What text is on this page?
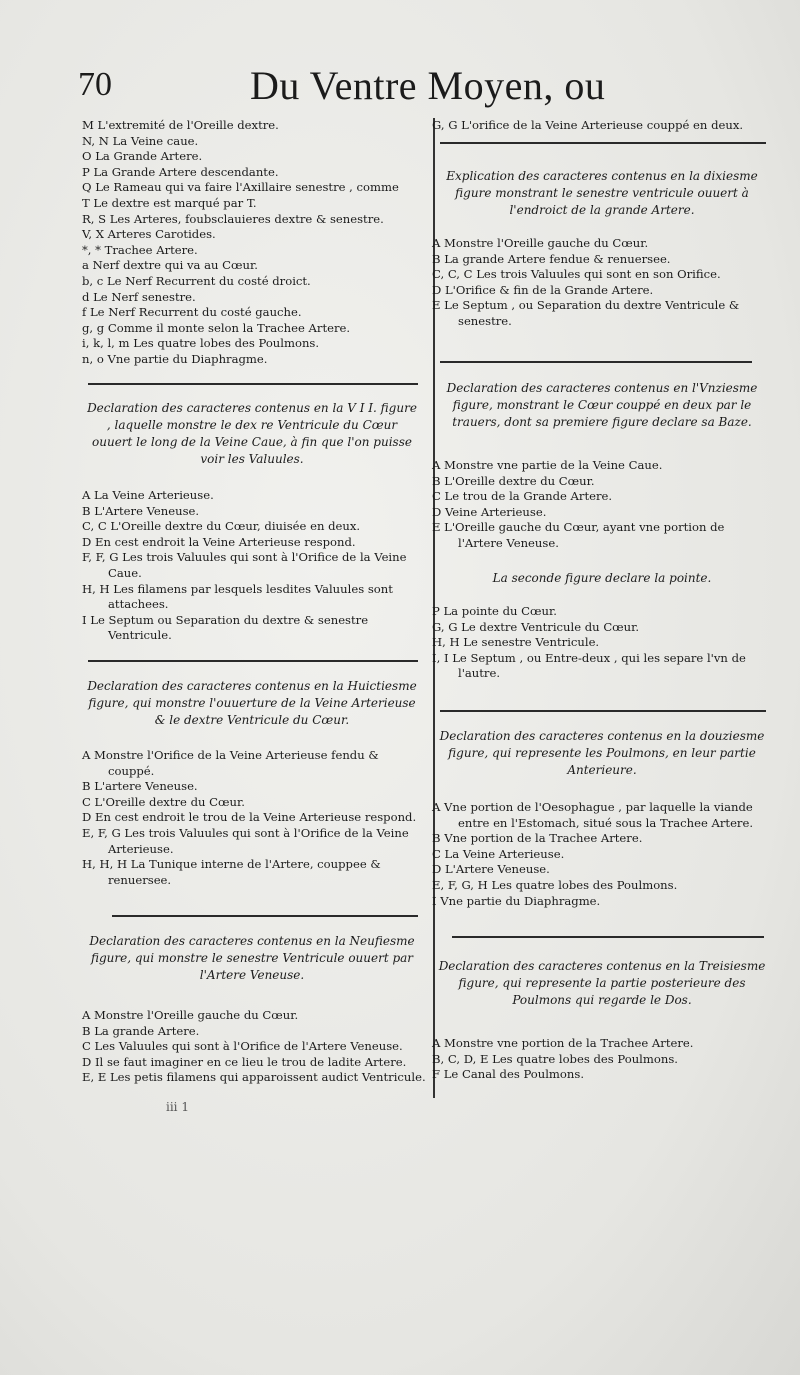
70	Du Ventre Moyen, ou
M L'extremité de l'Oreille dextre.
N, N La Veine caue.
O La Grande Artere.
P La Grande Artere descendante.
Q Le Rameau qui va faire l'Axillaire senestre , comme
T Le dextre est marqué par T.
R, S Les Arteres, foubsclauieres dextre & senestre.
V, X Arteres Carotides.
*, * Trachee Artere.
a Nerf dextre qui va au Cœur.
b, c Le Nerf Recurrent du costé droict.
d Le Nerf senestre.
f Le Nerf Recurrent du costé gauche.
g, g Comme il monte selon la Trachee Artere.
i, k, l, m Les quatre lobes des Poulmons.
n, o Vne partie du Diaphragme.
Declaration des caracteres contenus en la V I I. figure , laquelle monstre le dex re Ventricule du Cœur ouuert le long de la Veine Caue, à fin que l'on puisse voir les Valuules.
A La Veine Arterieuse.
B L'Artere Veneuse.
C, C L'Oreille dextre du Cœur, diuisée en deux.
D En cest endroit la Veine Arterieuse respond.
F, F, G Les trois Valuules qui sont à l'Orifice de la Veine Caue.
H, H Les filamens par lesquels lesdites Valuules sont attachees.
I Le Septum ou Separation du dextre & senestre Ventricule.
Declaration des caracteres contenus en la Huictiesme figure, qui monstre l'ouuerture de la Veine Arterieuse & le dextre Ventricule du Cœur.
A Monstre l'Orifice de la Veine Arterieuse fendu & couppé.
B L'artere Veneuse.
C L'Oreille dextre du Cœur.
D En cest endroit le trou de la Veine Arterieuse respond.
E, F, G Les trois Valuules qui sont à l'Orifice de la Veine Arterieuse.
H, H, H La Tunique interne de l'Artere, couppee & renuersee.
Declaration des caracteres contenus en la Neufiesme figure, qui monstre le senestre Ventricule ouuert par l'Artere Veneuse.
A Monstre l'Oreille gauche du Cœur.
B La grande Artere.
C Les Valuules qui sont à l'Orifice de l'Artere Veneuse.
D Il se faut imaginer en ce lieu le trou de ladite Artere.
E, E Les petis filamens qui apparoissent audict Ventricule.
iii 1
G, G L'orifice de la Veine Arterieuse couppé en deux.
Explication des caracteres contenus en la dixiesme figure monstrant le senestre ventricule ouuert à l'endroict de la grande Artere.
A Monstre l'Oreille gauche du Cœur.
B La grande Artere fendue & renuersee.
C, C, C Les trois Valuules qui sont en son Orifice.
D L'Orifice & fin de la Grande Artere.
E Le Septum , ou Separation du dextre Ventricule & senestre.
Declaration des caracteres contenus en l'Vnziesme figure, monstrant le Cœur couppé en deux par le trauers, dont sa premiere figure declare sa Baze.
A Monstre vne partie de la Veine Caue.
B L'Oreille dextre du Cœur.
C Le trou de la Grande Artere.
D Veine Arterieuse.
E L'Oreille gauche du Cœur, ayant vne portion de l'Artere Veneuse.
La seconde figure declare la pointe.
P La pointe du Cœur.
G, G Le dextre Ventricule du Cœur.
H, H Le senestre Ventricule.
I, I Le Septum , ou Entre-deux , qui les separe l'vn de l'autre.
Declaration des caracteres contenus en la douziesme figure, qui represente les Poulmons, en leur partie Anterieure.
A Vne portion de l'Oesophague , par laquelle la viande entre en l'Estomach, situé sous la Trachee Artere.
B Vne portion de la Trachee Artere.
C La Veine Arterieuse.
D L'Artere Veneuse.
E, F, G, H Les quatre lobes des Poulmons.
I Vne partie du Diaphragme.
Declaration des caracteres contenus en la Treisiesme figure, qui represente la partie posterieure des Poulmons qui regarde le Dos.
A Monstre vne portion de la Trachee Artere.
B, C, D, E Les quatre lobes des Poulmons.
F Le Canal des Poulmons.
